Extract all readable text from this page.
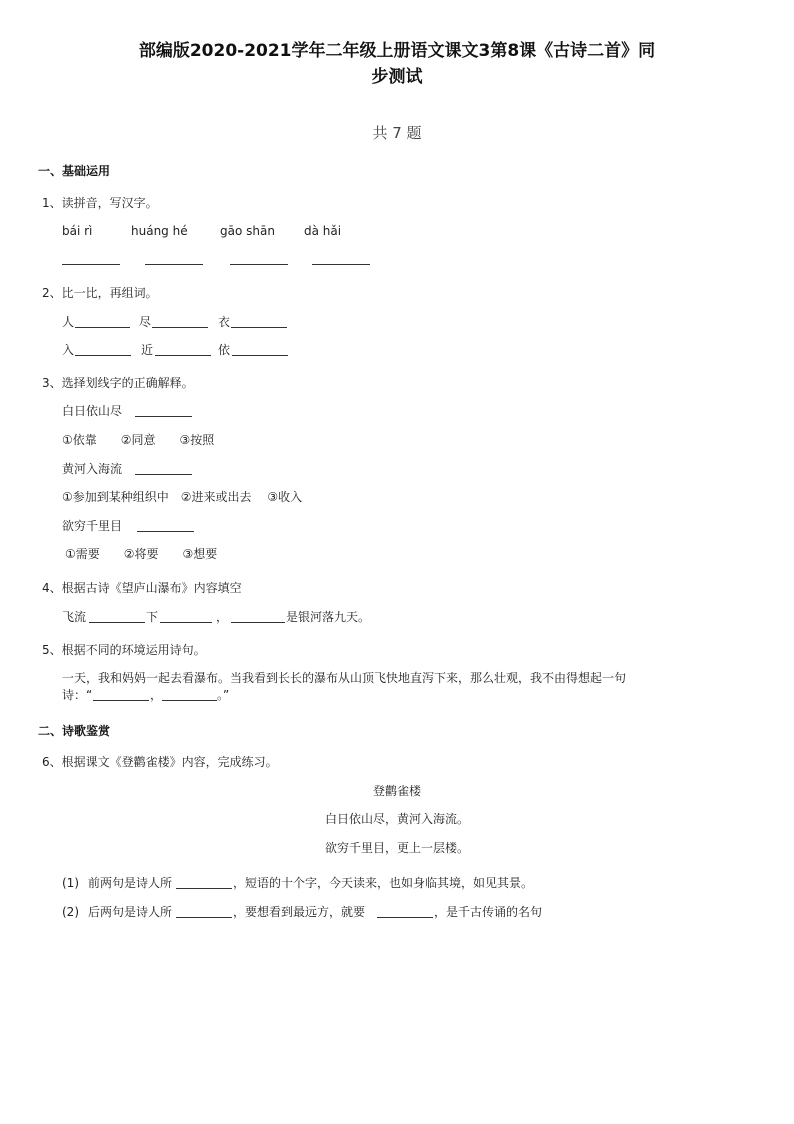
部编版2020-2021学年二年级上册语文课文3第8课《古诗二首》同
步测试
共 7 题
一、基础运用
1、读拼音，写汉字。
bái rì	huáng hé	gāo shān dà hǎi
2、比一比，再组词。
人	尽	衣
入	近	依
3、选择划线字的正确解释。
白日依山尽
①依靠　　②同意　　③按照
黄河入海流
①参加到某种组织中　②进来或出去　 ③收入
欲穷千里目
①需要　　②将要　　③想要
4、根据古诗《望庐山瀑布》内容填空
飞流	下	，	是银河落九天。
5、根据不同的环境运用诗句。
一天，我和妈妈一起去看瀑布。当我看到长长的瀑布从山顶飞快地直泻下来，那么壮观，我不由得想起一句
诗：“	，	。”
二、诗歌鉴赏
6、根据课文《登鹳雀楼》内容，完成练习。
登鹳雀楼
白日依山尽，黄河入海流。
欲穷千里目，更上一层楼。
(1) 前两句是诗人所	，短语的十个字，今天读来，也如身临其境，如见其景。
(2) 后两句是诗人所	，要想看到最远方，就要	，是千古传诵的名句
